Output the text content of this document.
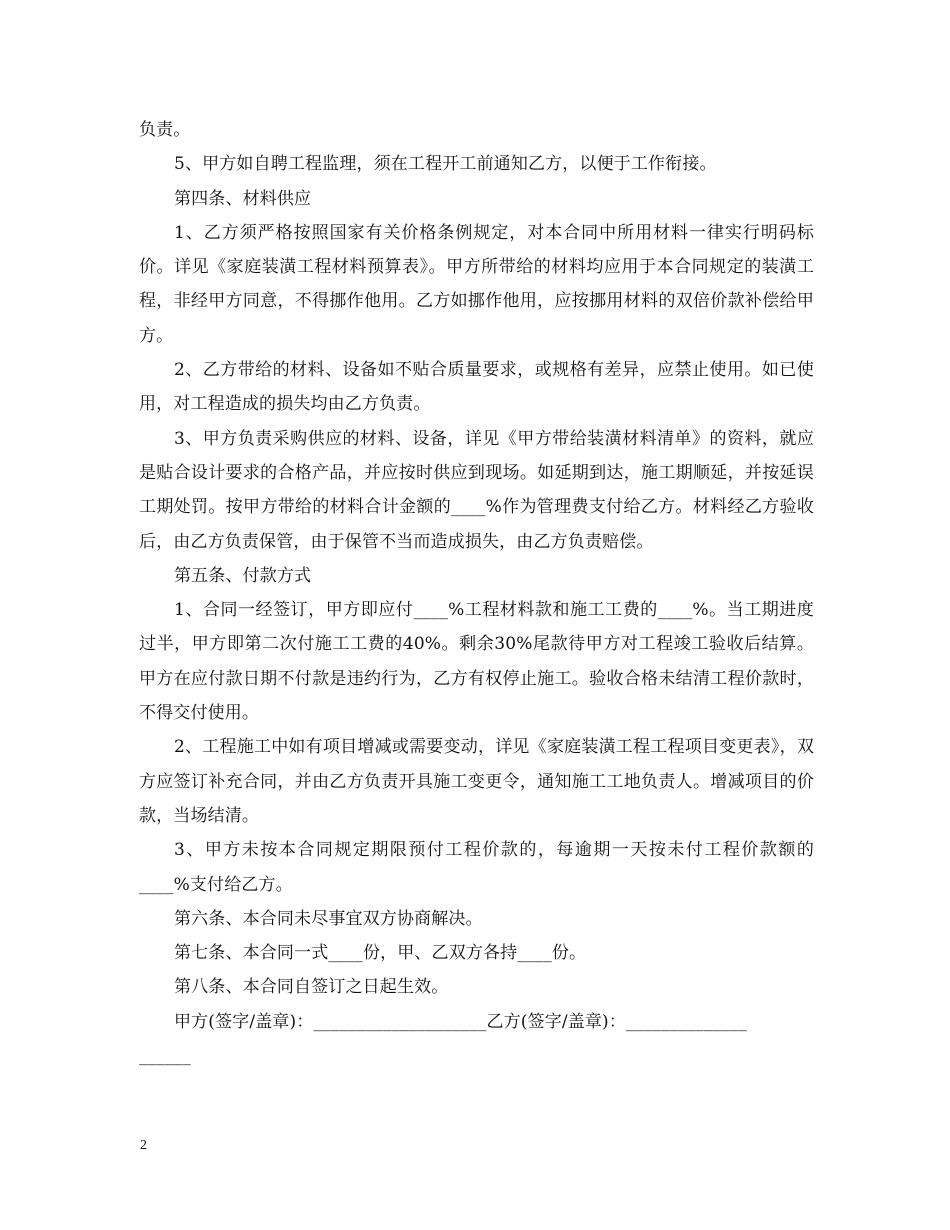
负责。

5、甲方如自聘工程监理，须在工程开工前通知乙方，以便于工作衔接。

第四条、材料供应

1、乙方须严格按照国家有关价格条例规定，对本合同中所用材料一律实行明码标价。详见《家庭装潢工程材料预算表》。甲方所带给的材料均应用于本合同规定的装潢工程，非经甲方同意，不得挪作他用。乙方如挪作他用，应按挪用材料的双倍价款补偿给甲方。

2、乙方带给的材料、设备如不贴合质量要求，或规格有差异，应禁止使用。如已使用，对工程造成的损失均由乙方负责。

3、甲方负责采购供应的材料、设备，详见《甲方带给装潢材料清单》的资料，就应是贴合设计要求的合格产品，并应按时供应到现场。如延期到达，施工期顺延，并按延误工期处罚。按甲方带给的材料合计金额的____%作为管理费支付给乙方。材料经乙方验收后，由乙方负责保管，由于保管不当而造成损失，由乙方负责赔偿。

第五条、付款方式

1、合同一经签订，甲方即应付____%工程材料款和施工工费的____%。当工期进度过半，甲方即第二次付施工工费的40%。剩余30%尾款待甲方对工程竣工验收后结算。甲方在应付款日期不付款是违约行为，乙方有权停止施工。验收合格未结清工程价款时，不得交付使用。

2、工程施工中如有项目增减或需要变动，详见《家庭装潢工程工程项目变更表》，双方应签订补充合同，并由乙方负责开具施工变更令，通知施工工地负责人。增减项目的价款，当场结清。

3、甲方未按本合同规定期限预付工程价款的，每逾期一天按未付工程价款额的____%支付给乙方。

第六条、本合同未尽事宜双方协商解决。

第七条、本合同一式____份，甲、乙双方各持____份。

第八条、本合同自签订之日起生效。

甲方(签字/盖章)：____________________乙方(签字/盖章)：______________

______

2
